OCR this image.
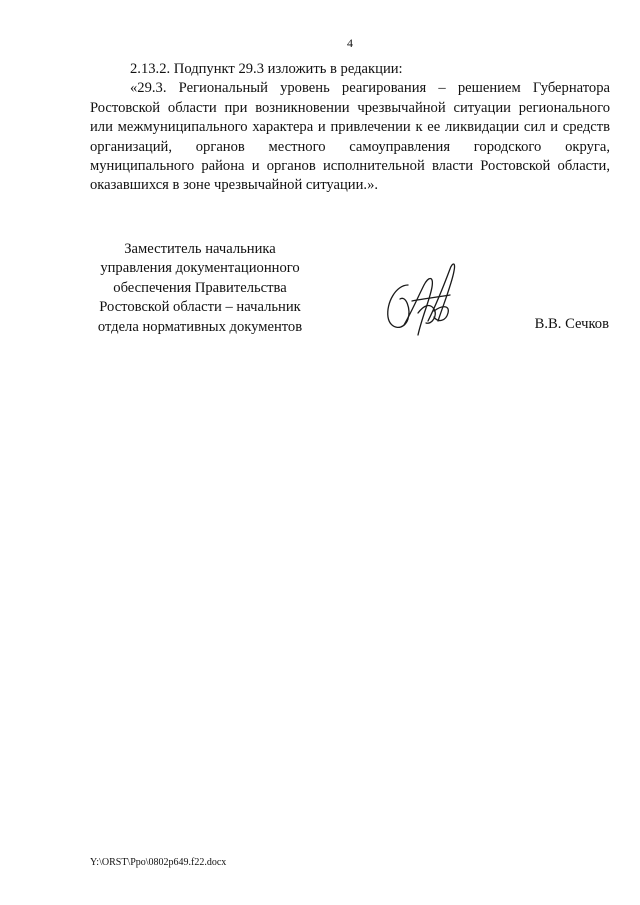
4

2.13.2. Подпункт 29.3 изложить в редакции:

«29.3. Региональный уровень реагирования – решением Губернатора Ростовской области при возникновении чрезвычайной ситуации регионального или межмуниципального характера и привлечении к ее ликвидации сил и средств организаций, органов местного самоуправления городского округа, муниципального района и органов исполнительной власти Ростовской области, оказавшихся в зоне чрезвычайной ситуации.».

Заместитель начальника
управления документационного
обеспечения Правительства
Ростовской области – начальник
отдела нормативных документов	В.В. Сечков
Y:\ORST\Ppo\0802p649.f22.docx
